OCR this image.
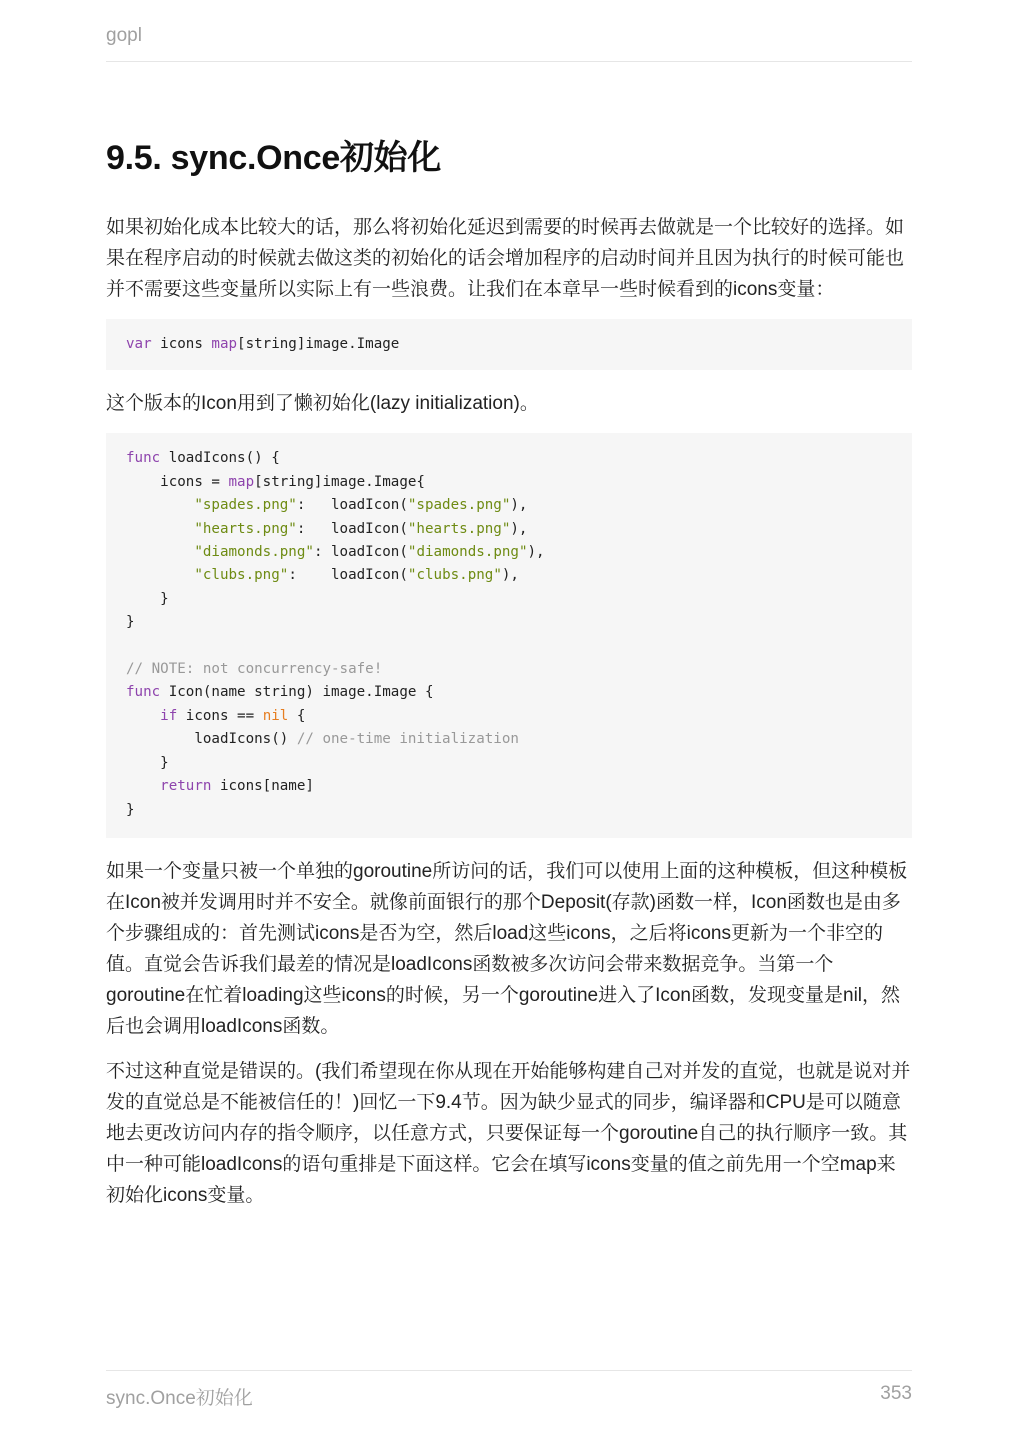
gopl
9.5. sync.Once初始化

如果初始化成本比较大的话，那么将初始化延迟到需要的时候再去做就是一个比较好的选择。如果在程序启动的时候就去做这类的初始化的话会增加程序的启动时间并且因为执行的时候可能也并不需要这些变量所以实际上有一些浪费。让我们在本章早一些时候看到的icons变量：

var icons map[string]image.Image

这个版本的Icon用到了懒初始化(lazy initialization)。

func loadIcons() {
icons = map[string]image.Image{
"spades.png":   loadIcon("spades.png"),
"hearts.png":   loadIcon("hearts.png"),
"diamonds.png": loadIcon("diamonds.png"),
"clubs.png":    loadIcon("clubs.png"),
}
}

// NOTE: not concurrency-safe!
func Icon(name string) image.Image {
if icons == nil {
loadIcons() // one-time initialization
}
return icons[name]
}

如果一个变量只被一个单独的goroutine所访问的话，我们可以使用上面的这种模板，但这种模板在Icon被并发调用时并不安全。就像前面银行的那个Deposit(存款)函数一样，Icon函数也是由多个步骤组成的：首先测试icons是否为空，然后load这些icons，之后将icons更新为一个非空的值。直觉会告诉我们最差的情况是loadIcons函数被多次访问会带来数据竞争。当第一个goroutine在忙着loading这些icons的时候，另一个goroutine进入了Icon函数，发现变量是nil，然后也会调用loadIcons函数。

不过这种直觉是错误的。(我们希望现在你从现在开始能够构建自己对并发的直觉，也就是说对并发的直觉总是不能被信任的！)回忆一下9.4节。因为缺少显式的同步，编译器和CPU是可以随意地去更改访问内存的指令顺序，以任意方式，只要保证每一个goroutine自己的执行顺序一致。其中一种可能loadIcons的语句重排是下面这样。它会在填写icons变量的值之前先用一个空map来初始化icons变量。

sync.Once初始化	353
